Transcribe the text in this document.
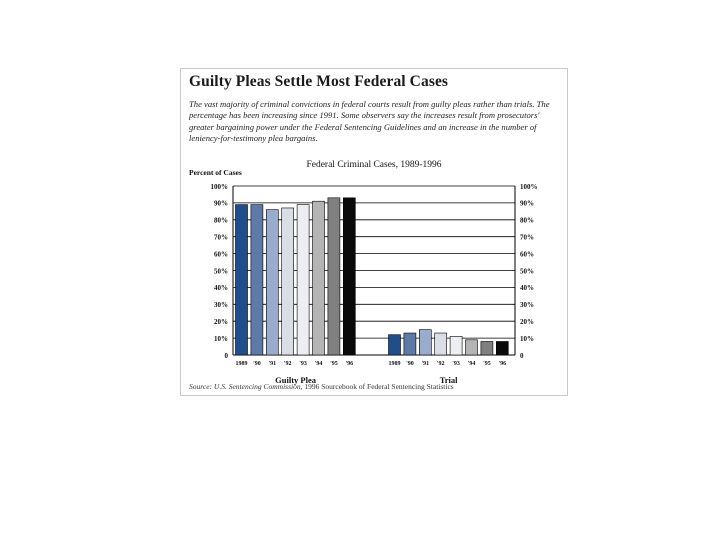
Guilty Pleas Settle Most Federal Cases

The vast majority of criminal convictions in federal courts result from guilty pleas rather than trials. The percentage has been increasing since 1991. Some observers say the increases result from prosecutors' greater bargaining power under the Federal Sentencing Guidelines and an increase in the number of leniency-for-testimony plea bargains.

Federal Criminal Cases, 1989-1996
Percent of Cases
0	0
10%	10%
20%	20%
30%	30%
40%	40%
50%	50%
60%	60%
70%	70%
80%	80%
90%	90%
100%	100%
1989 '90 '91 '92 '93 '94 '95 '96
Guilty Plea
1989 '90 '91 '92 '93 '94 '95 '96
Trial

Source: U.S. Sentencing Commission, 1996 Sourcebook of Federal Sentencing Statistics
